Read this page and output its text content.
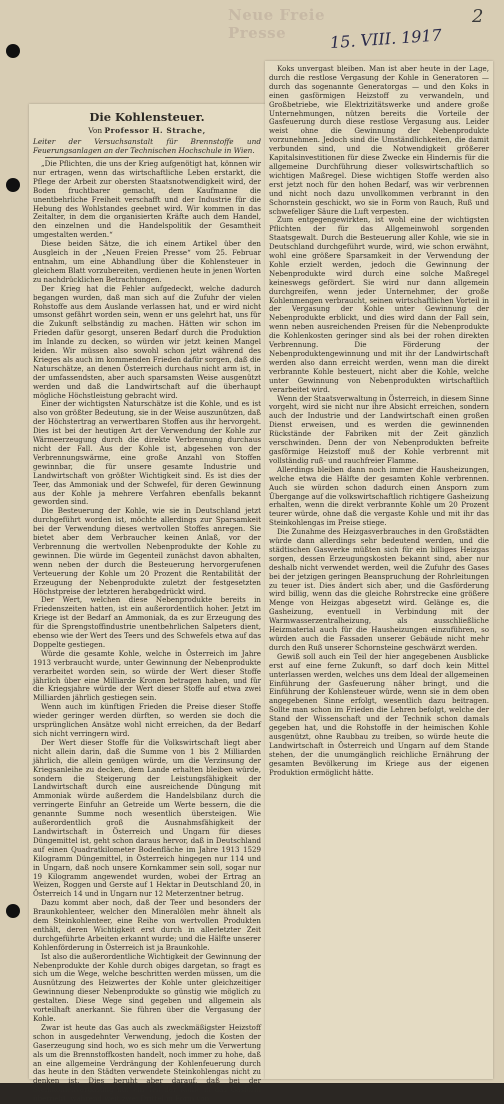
Neue Freie Presse	15. VIII. 1917
2
Die Kohlensteuer.
Von Professor H. Strache,
Leiter der Versuchsanstalt für Brennstoffe und Feuerungsanlagen an der Technischen Hochschule in Wien.

„Die Pflichten, die uns der Krieg aufgenötigt hat, können wir nur ertragen, wenn das wirtschaftliche Leben erstarkt, die Pflege der Arbeit zur obersten Staatsnotwendigkeit wird, der Boden fruchtbarer gemacht, dem Kaufmanne die unentbehrliche Freiheit verschafft und der Industrie für die Hebung des Wohlstandes geebnet wird. Wir kommen in das Zeitalter, in dem die organisierten Kräfte auch dem Handel, den einzelnen und die Handelspolitik der Gesamtheit umgestalten werden.“

Diese beiden Sätze, die ich einem Artikel über den Ausgleich in der „Neuen Freien Presse“ vom 25. Februar entnahm, um eine Abhandlung über die Kohlensteuer in gleichem Blatt vorzubereiten, verdienen heute in jenen Worten zu nachdrücklichen Betrachtungen.

Der Krieg hat die Fehler aufgedeckt, welche dadurch begangen wurden, daß man sich auf die Zufuhr der vielen Rohstoffe aus dem Auslande verlassen hat, und er wird nicht umsonst gefährt worden sein, wenn er uns gelehrt hat, uns für die Zukunft selbständig zu machen. Hätten wir schon im Frieden dafür gesorgt, unseren Bedarf durch die Produktion im Inlande zu decken, so würden wir jetzt keinen Mangel leiden. Wir müssen also sowohl schon jetzt während des Krieges als auch im kommenden Frieden dafür sorgen, daß die Naturschätze, an denen Österreich durchaus nicht arm ist, in der umfassendsten, aber auch sparsamsten Weise ausgenützt werden und daß die Landwirtschaft auf die überhaupt mögliche Höchstleistung gebracht wird.

Einer der wichtigsten Naturschätze ist die Kohle, und es ist also von größter Bedeutung, sie in der Weise auszunützen, daß der Höchstertrag an verwertbaren Stoffen aus ihr hervorgeht. Dies ist bei der heutigen Art der Verwendung der Kohle zur Wärmeerzeugung durch die direkte Verbrennung durchaus nicht der Fall. Aus der Kohle ist, abgesehen von der Verbrennungswärme, eine große Anzahl von Stoffen gewinnbar, die für unsere gesamte Industrie und Landwirtschaft von größter Wichtigkeit sind. Es ist dies der Teer, das Ammoniak und der Schwefel, für deren Gewinnung aus der Kohle ja mehrere Verfahren ebenfalls bekannt geworden sind.

Die Besteuerung der Kohle, wie sie in Deutschland jetzt durchgeführt worden ist, möchte allerdings zur Sparsamkeit bei der Verwendung dieses wertvollen Stoffes anregen. Sie bietet aber dem Verbraucher keinen Anlaß, vor der Verbrennung die wertvollen Nebenprodukte der Kohle zu gewinnen. Die würde im Gegenteil zunächst davon abhalten, wenn neben der durch die Besteuerung hervorgerufenen Verteuerung der Kohle um 20 Prozent die Rentabilität der Erzeugung der Nebenprodukte zuletzt der festgesetzten Höchstpreise der letzteren herabgedrückt wird.

Der Wert, welchen diese Nebenprodukte bereits in Friedenszeiten hatten, ist ein außerordentlich hoher. Jetzt im Kriege ist der Bedarf an Ammoniak, da es zur Erzeugung des für die Sprengstoffindustrie unentbehrlichen Salpeters dient, ebenso wie der Wert des Teers und des Schwefels etwa auf das Doppelte gestiegen.

Würde die gesamte Kohle, welche in Österreich im Jahre 1913 verbraucht wurde, unter Gewinnung der Nebenprodukte verarbeitet worden sein, so würde der Wert dieser Stoffe jährlich über eine Milliarde Kronen betragen haben, und für die Kriegsjahre würde der Wert dieser Stoffe auf etwa zwei Milliarden jährlich gestiegen sein.

Wenn auch im künftigen Frieden die Preise dieser Stoffe wieder geringer werden dürften, so werden sie doch die ursprünglichen Ansätze wohl nicht erreichen, da der Bedarf sich nicht verringern wird.

Der Wert dieser Stoffe für die Volkswirtschaft liegt aber nicht allein darin, daß die Summe von 1 bis 2 Milliarden jährlich, die allein genügen würde, um die Verzinsung der Kriegsanleihe zu decken, dem Lande erhalten bleiben würde, sondern die Steigerung der Leistungsfähigkeit der Landwirtschaft durch eine ausreichende Düngung mit Ammoniak würde außerdem die Handelsbilanz durch die verringerte Einfuhr an Getreide um Werte bessern, die die genannte Summe noch wesentlich übersteigen. Wie außerordentlich groß die Ausnahmsfähigkeit der Landwirtschaft in Österreich und Ungarn für dieses Düngemittel ist, geht schon daraus hervor, daß in Deutschland auf einen Quadratkilometer Bodenfläche im Jahre 1913 1529 Kilogramm Düngemittel, in Österreich hingegen nur 114 und in Ungarn, daß noch unsere Kornkammer sein soll, sogar nur 19 Kilogramm angewendet wurden, wobei der Ertrag an Weizen, Roggen und Gerste auf 1 Hektar in Deutschland 20, in Österreich 14 und in Ungarn nur 12 Meterzentner betrug.

Dazu kommt aber noch, daß der Teer und besonders der Braunkohlenteer, welcher den Mineralölen mehr ähnelt als dem Steinkohlenteer, eine Reihe von wertvollen Produkten enthält, deren Wichtigkeit erst durch in allerletzter Zeit durchgeführte Arbeiten erkannt wurde; und die Hälfte unserer Kohlenförderung in Österreich ist ja Braunkohle.

Ist also die außerordentliche Wichtigkeit der Gewinnung der Nebenprodukte der Kohle durch obiges dargetan, so fragt es sich um die Wege, welche beschritten werden müssen, um die Ausnützung des Heizwertes der Kohle unter gleichzeitiger Gewinnung dieser Nebenprodukte so günstig wie möglich zu gestalten. Diese Wege sind gegeben und allgemein als vorteilhaft anerkannt. Sie führen über die Vergasung der Kohle.

Zwar ist heute das Gas auch als zweckmäßigster Heizstoff schon in ausgedehnter Verwendung, jedoch die Kosten der Gaserzeugung sind hoch, wo es sich mehr um die Verwertung als um die Brennstoffkosten handelt, noch immer zu hohe, daß an eine allgemeine Verdrängung der Kohlenfeuerung durch das heute in den Städten verwendete Steinkohlengas nicht zu denken ist. Dies beruht aber darauf, daß bei der Steinkohlenvergasung nur ein Teil der Kohle in das Gasform übergeht, während weit zwei Drittel in Form von

Koks unvergast bleiben. Man ist aber heute in der Lage, durch die restlose Vergasung der Kohle in Generatoren — durch das sogenannte Generatorgas — und den Koks in einen gasförmigen Heizstoff zu verwandeln, und Großbetriebe, wie Elektrizitätswerke und andere große Unternehmungen, nützen bereits die Vorteile der Gasfeuerung durch diese restlose Vergasung aus. Leider weist ohne die Gewinnung der Nebenprodukte vorzunehmen. Jedoch sind die Umständlichkeiten, die damit verbunden sind, und die Notwendigkeit größerer Kapitalsinvestitionen für diese Zwecke ein Hindernis für die allgemeine Durchführung dieser volkswirtschaftlich so wichtigen Maßregel. Diese wichtigen Stoffe werden also erst jetzt noch für den hohen Bedarf, was wir verbrennen und nicht noch dazu unvollkommen verbrannt in den Schornstein geschickt, wo sie in Form von Rauch, Ruß und schwefeliger Säure die Luft verpesten.

Zum entgegengewirkten, ist wohl eine der wichtigsten Pflichten der für das Allgemeinwohl sorgenden Staatsgewalt. Durch die Besteuerung aller Kohle, wie sie in Deutschland durchgeführt wurde, wird, wie schon erwähnt, wohl eine größere Sparsamkeit in der Verwendung der Kohle erzielt werden, jedoch die Gewinnung der Nebenprodukte wird durch eine solche Maßregel keineswegs gefördert. Sie wird nur dann allgemein durchgreifen, wenn jeder Unternehmer, der große Kohlenmengen verbraucht, seinen wirtschaftlichen Vorteil in der Vergasung der Kohle unter Gewinnung der Nebenprodukte erblickt, und dies wird dann der Fall sein, wenn neben ausreichenden Preisen für die Nebenprodukte die Kohlenkosten geringer sind als bei der rohen direkten Verbrennung. Die Förderung der Nebenproduktengewinnung und mit ihr der Landwirtschaft werden also dann erreicht werden, wenn man die direkt verbrannte Kohle besteuert, nicht aber die Kohle, welche unter Gewinnung von Nebenprodukten wirtschaftlich verarbeitet wird.

Wenn der Staatsverwaltung in Österreich, in diesem Sinne vorgeht, wird sie nicht nur ihre Absicht erreichen, sondern auch der Industrie und der Landwirtschaft einen großen Dienst erweisen, und es werden die gewinnenden Rückstände der Fabriken mit der Zeit gänzlich verschwinden. Denn der von Nebenprodukten befreite gasförmige Heizstoff muß der Kohle verbrennt mit vollständig ruß- und rauchfreier Flamme.

Allerdings bleiben dann noch immer die Hausheizungen, welche etwa die Hälfte der gesamten Kohle verbrennen. Auch sie würden schon dadurch einen Ansporn zum Übergange auf die volkswirtschaftlich richtigere Gasheizung erhalten, wenn die direkt verbrannte Kohle um 20 Prozent teurer würde, ohne daß die vergaste Kohle und mit ihr das Steinkohlengas im Preise stiege.

Die Zunahme des Heizgasverbrauches in den Großstädten würde dann allerdings sehr bedeutend werden, und die städtischen Gaswerke müßten sich für ein billiges Heizgas sorgen, dessen Erzeugungskosten bekannt sind, aber nur deshalb nicht verwendet werden, weil die Zufuhr des Gases bei der jetzigen geringen Beanspruchung der Rohrleitungen zu teuer ist. Dies ändert sich aber, und die Gasförderung wird billig, wenn das die gleiche Rohrstrecke eine größere Menge von Heizgas abgesetzt wird. Gelänge es, die Gasheizung, eventuell in Verbindung mit der Warmwasserzentralheizung, als ausschließliche Heizmaterial auch für die Hausheizungen einzuführen, so würden auch die Fassaden unserer Gebäude nicht mehr durch den Ruß unserer Schornsteine geschwärzt werden.

Gewiß soll auch ein Teil der hier angegebenen Ausblicke erst auf eine ferne Zukunft, so darf doch kein Mittel unterlassen werden, welches uns dem Ideal der allgemeinen Einführung der Gasfeuerung näher bringt, und die Einführung der Kohlensteuer würde, wenn sie in dem oben angegebenen Sinne erfolgt, wesentlich dazu beitragen. Sollte man schon im Frieden die Lehren befolgt, welche der Stand der Wissenschaft und der Technik schon damals gegeben hat, und die Rohstoffe in der heimischen Kohle ausgenützt, ohne Raubbau zu treiben, so würde heute die Landwirtschaft in Österreich und Ungarn auf dem Stande stehen, der die unumgänglich reichliche Ernährung der gesamten Bevölkerung im Kriege aus der eigenen Produktion ermöglicht hätte.
